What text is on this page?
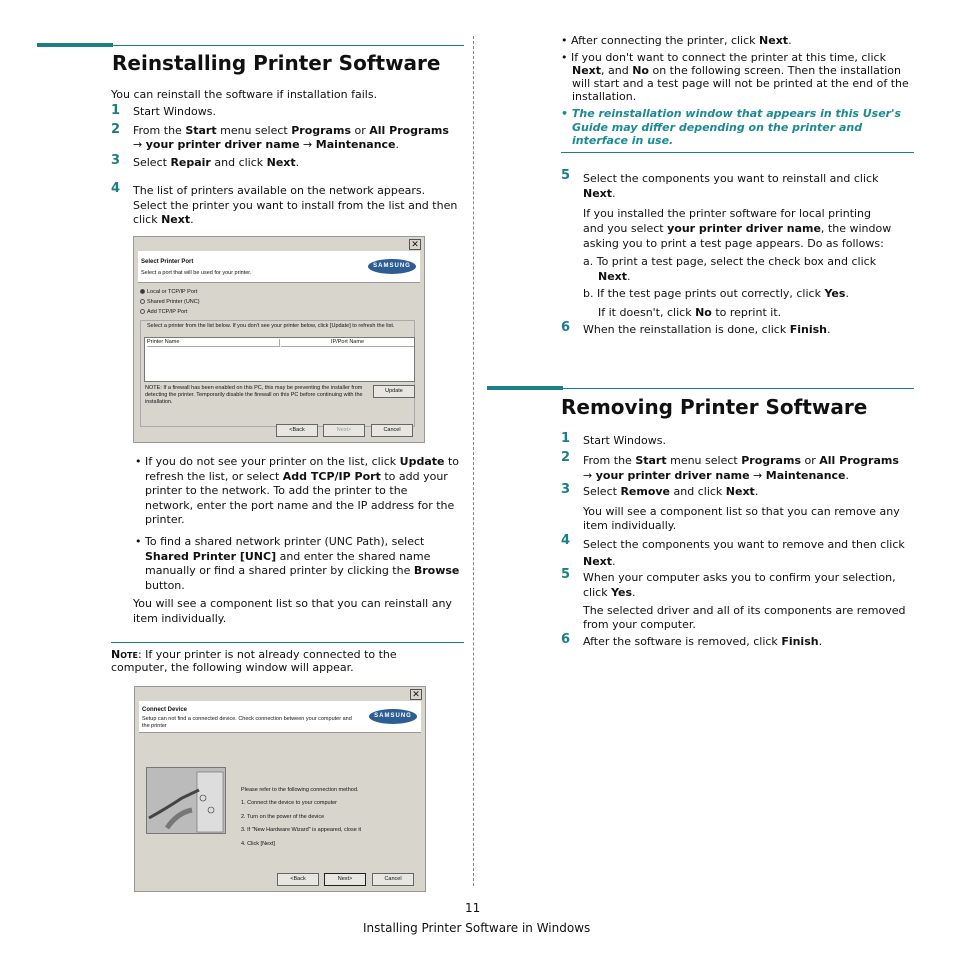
Reinstalling Printer Software
You can reinstall the software if installation fails.
1 Start Windows.
2 From the Start menu select Programs or All Programs
→ your printer driver name → Maintenance.
3 Select Repair and click Next.
4 The list of printers available on the network appears.
Select the printer you want to install from the list and then
click Next.
✕
Select Printer Port
Select a port that will be used for your printer.
SAMSUNG
Local or TCP/IP Port
Shared Printer (UNC)
Add TCP/IP Port
Select a printer from the list below. If you don't see your printer below, click [Update] to refresh the list.
Printer Name	IP/Port Name
NOTE: If a firewall has been enabled on this PC, this may be preventing the installer from
detecting the printer. Temporarily disable the firewall on this PC before continuing with the
installation.
Update
<Back	Next>	Cancel
• If you do not see your printer on the list, click Update to
refresh the list, or select Add TCP/IP Port to add your
printer to the network. To add the printer to the
network, enter the port name and the IP address for the
printer.
• To find a shared network printer (UNC Path), select
Shared Printer [UNC] and enter the shared name
manually or find a shared printer by clicking the Browse
button.
You will see a component list so that you can reinstall any
item individually.
Note: If your printer is not already connected to the
computer, the following window will appear.
✕
Connect Device
Setup can not find a connected device. Check connection between your computer and
the printer
SAMSUNG
Please refer to the following connection method.
1. Connect the device to your computer
2. Turn on the power of the device
3. If "New Hardware Wizard" is appeared, close it
4. Click [Next]
<Back	Next>	Cancel
• After connecting the printer, click Next.
• If you don't want to connect the printer at this time, click
Next, and No on the following screen. Then the installation
will start and a test page will not be printed at the end of the
installation.
• The reinstallation window that appears in this User's
Guide may differ depending on the printer and
interface in use.
5 Select the components you want to reinstall and click
Next.
If you installed the printer software for local printing
and you select your printer driver name, the window
asking you to print a test page appears. Do as follows:
a. To print a test page, select the check box and click
Next.
b. If the test page prints out correctly, click Yes.
If it doesn't, click No to reprint it.
6 When the reinstallation is done, click Finish.
Removing Printer Software
1 Start Windows.
2 From the Start menu select Programs or All Programs
→ your printer driver name → Maintenance.
3 Select Remove and click Next.
You will see a component list so that you can remove any
item individually.
4 Select the components you want to remove and then click
Next.
5 When your computer asks you to confirm your selection,
click Yes.
The selected driver and all of its components are removed
from your computer.
6 After the software is removed, click Finish.
11
Installing Printer Software in Windows
